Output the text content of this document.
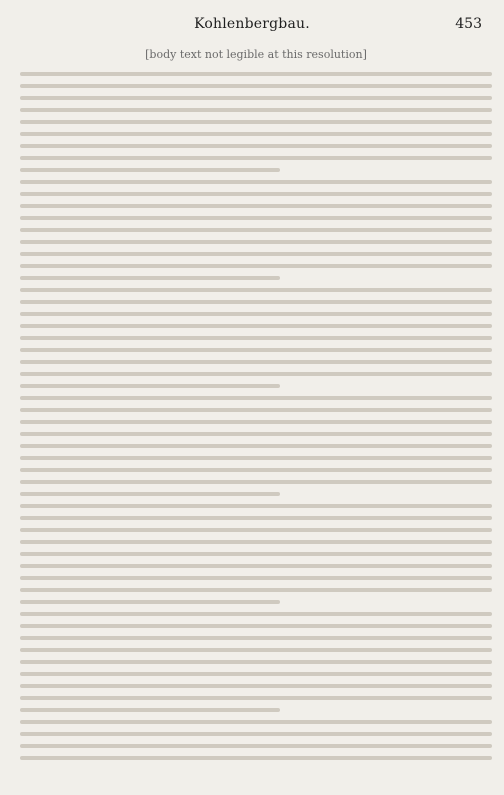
Kohlenbergbau.	453
[body text not legible at this resolution]
